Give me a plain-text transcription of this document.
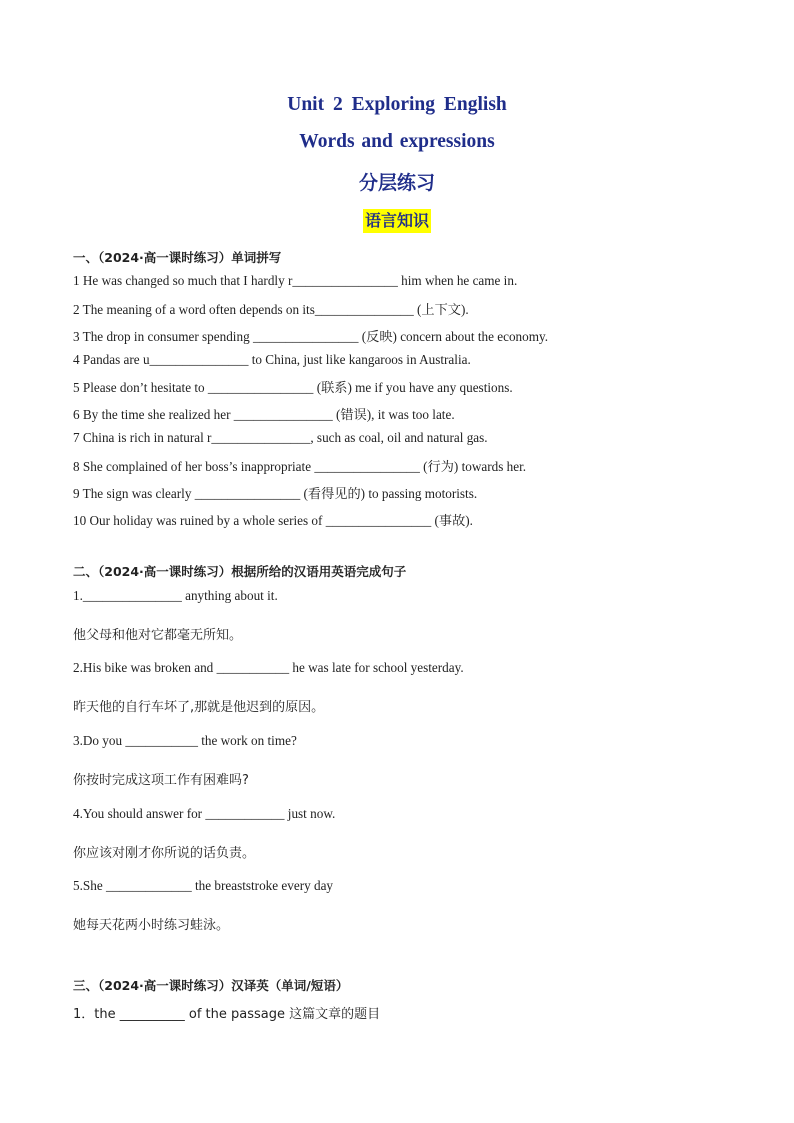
Unit 2 Exploring English
Words and expressions
分层练习
语言知识
一、（2024·高一课时练习）单词拼写
1 He was changed so much that I hardly r________________ him when he came in.
2 The meaning of a word often depends on its_______________ (上下文).
3 The drop in consumer spending ________________ (反映) concern about the economy.
4 Pandas are u_______________ to China, just like kangaroos in Australia.
5 Please don’t hesitate to ________________ (联系) me if you have any questions.
6 By the time she realized her _______________ (错误), it was too late.
7 China is rich in natural r_______________, such as coal, oil and natural gas.
8 She complained of her boss’s inappropriate ________________ (行为) towards her.
9 The sign was clearly ________________ (看得见的) to passing motorists.
10 Our holiday was ruined by a whole series of ________________ (事故).
二、（2024·高一课时练习）根据所给的汉语用英语完成句子
1._______________ anything about it.
他父母和他对它都毫无所知。
2.His bike was broken and ___________ he was late for school yesterday.
昨天他的自行车坏了,那就是他迟到的原因。
3.Do you ___________ the work on time?
你按时完成这项工作有困难吗?
4.You should answer for ____________ just now.
你应该对刚才你所说的话负责。
5.She _____________ the breaststroke every day
她每天花两小时练习蛙泳。
三、（2024·高一课时练习）汉译英（单词/短语）
1．the __________ of the passage 这篇文章的题目
